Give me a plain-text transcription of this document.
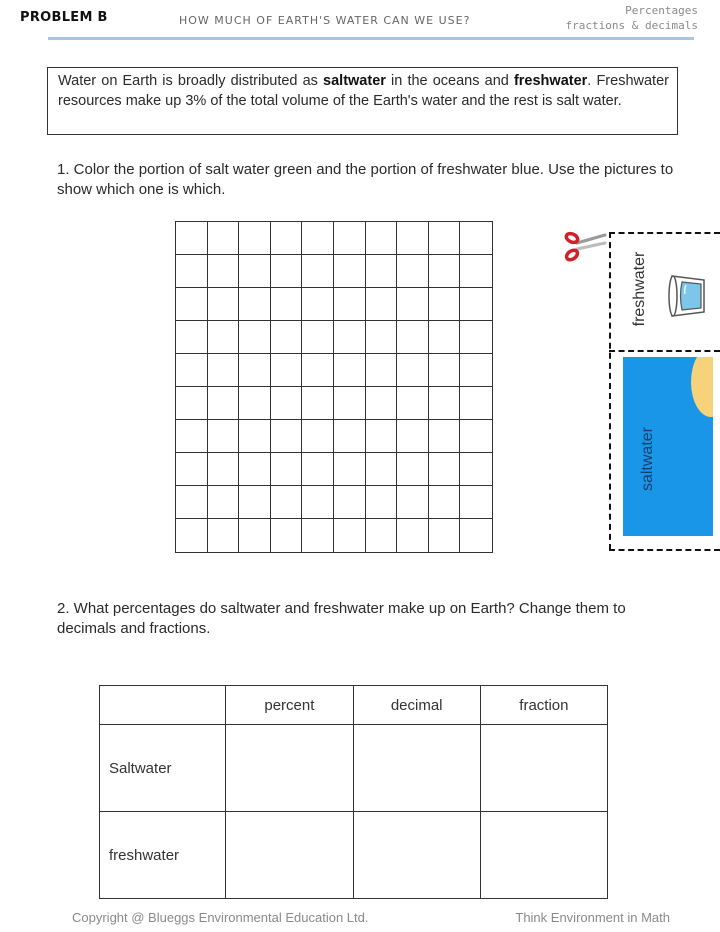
PROBLEM B	HOW MUCH OF EARTH'S WATER CAN WE USE?
Percentages
fractions & decimals
Water on Earth is broadly distributed as saltwater in the oceans and freshwater. Freshwater resources make up 3% of the total volume of the Earth's water and the rest is salt water.
1. Color the portion of salt water green and the portion of freshwater blue. Use the pictures to show which one is which.
freshwater
saltwater
2. What percentages do saltwater and freshwater make up on Earth? Change them to decimals and fractions.
	percent	decimal	fraction
Saltwater			
freshwater			
Copyright @ Blueggs Environmental Education Ltd.	Think Environment in Math
